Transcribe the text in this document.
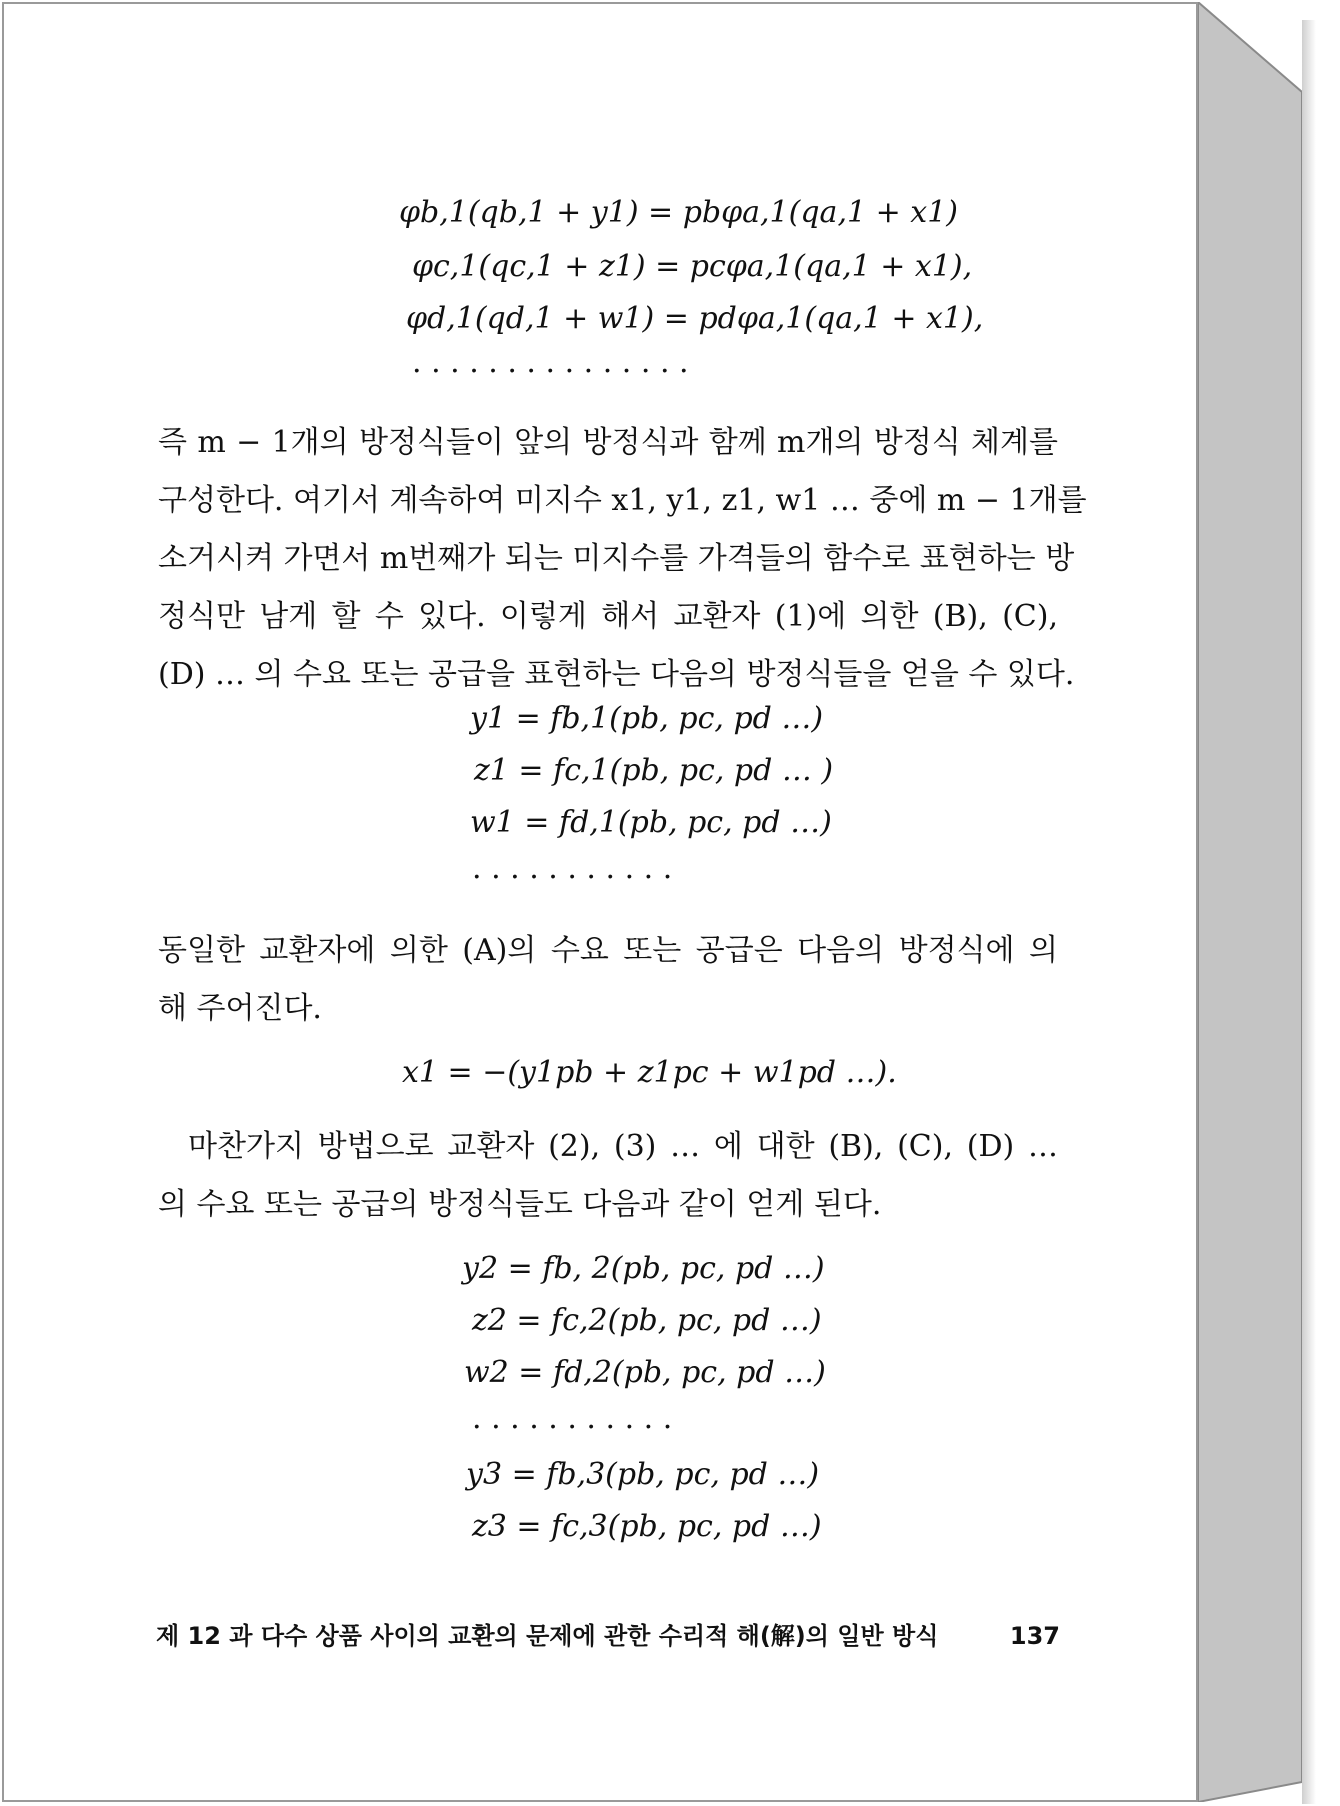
φb,1(qb,1 + y1) = pbφa,1(qa,1 + x1)
φc,1(qc,1 + z1) = pcφa,1(qa,1 + x1),
φd,1(qd,1 + w1) = pdφa,1(qa,1 + x1),
. . . . . . . . . . . . . . .
즉 m − 1개의 방정식들이 앞의 방정식과 함께 m개의 방정식 체계를
구성한다. 여기서 계속하여 미지수 x1, y1, z1, w1 … 중에 m − 1개를
소거시켜 가면서 m번째가 되는 미지수를 가격들의 함수로 표현하는 방
정식만 남게 할 수 있다. 이렇게 해서 교환자 (1)에 의한 (B), (C),
(D) … 의 수요 또는 공급을 표현하는 다음의 방정식들을 얻을 수 있다.
y1 = fb,1(pb, pc, pd …)
z1 = fc,1(pb, pc, pd … )
w1 = fd,1(pb, pc, pd …)
. . . . . . . . . . .
동일한 교환자에 의한 (A)의 수요 또는 공급은 다음의 방정식에 의
해 주어진다.
x1 = −(y1pb + z1pc + w1pd …).
마찬가지 방법으로 교환자 (2), (3) … 에 대한 (B), (C), (D) …
의 수요 또는 공급의 방정식들도 다음과 같이 얻게 된다.
y2 = fb, 2(pb, pc, pd …)
z2 = fc,2(pb, pc, pd …)
w2 = fd,2(pb, pc, pd …)
. . . . . . . . . . .
y3 = fb,3(pb, pc, pd …)
z3 = fc,3(pb, pc, pd …)
제 12 과 다수 상품 사이의 교환의 문제에 관한 수리적 해(解)의 일반 방식	137
